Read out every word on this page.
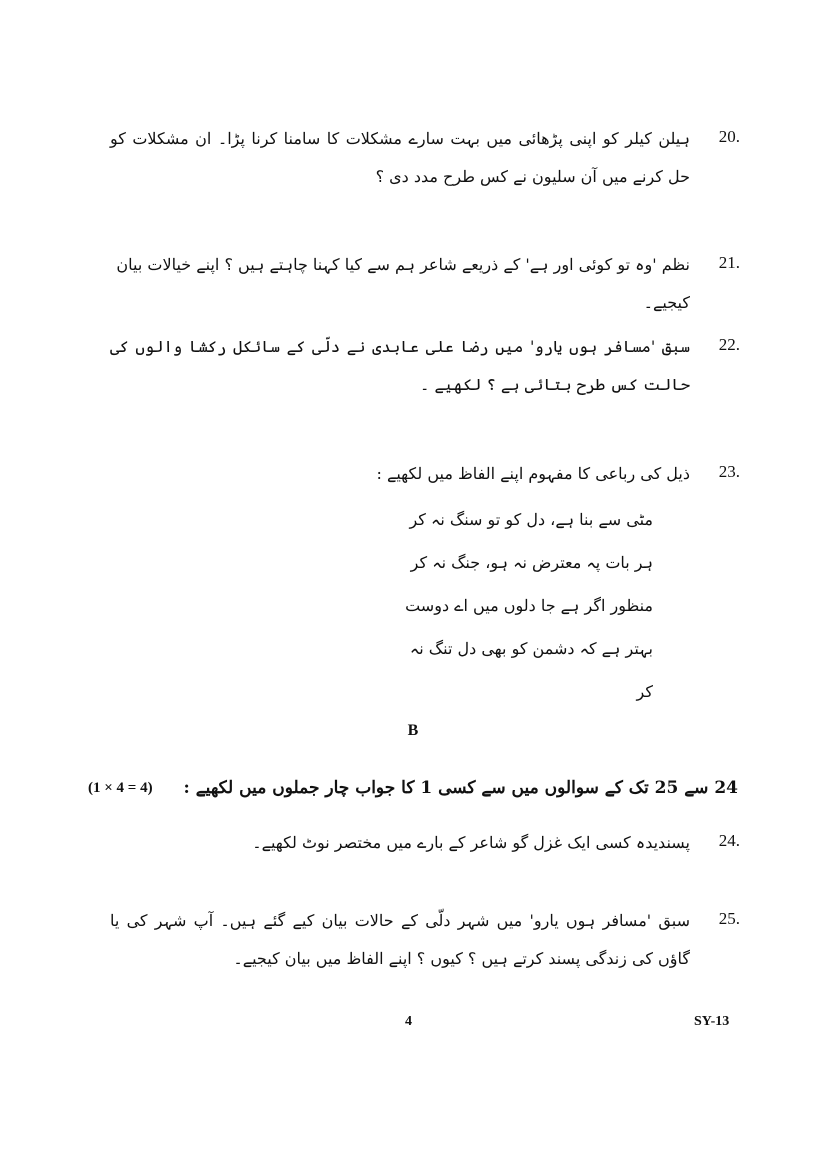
20.
ہیلن کیلر کو اپنی پڑھائی میں بہت سارے مشکلات کا سامنا کرنا پڑا۔ ان مشکلات کو حل کرنے میں آن سلیون نے کس طرح مدد دی ؟
21.
نظم 'وہ تو کوئی اور ہے' کے ذریعے شاعر ہم سے کیا کہنا چاہتے ہیں ؟ اپنے خیالات بیان کیجیے۔
22.
سبق 'مسافر ہوں یارو' میں رضا علی عابدی نے دلّی کے سائکل رکشا والوں کی حالت کس طرح بتائی ہے ؟ لکھیے ۔
23.
ذیل کی رباعی کا مفہوم اپنے الفاظ میں لکھیے :
مٹی سے بنا ہے، دل کو تو سنگ نہ کر
ہر بات پہ معترض نہ ہو، جنگ نہ کر
منظور اگر ہے جا دلوں میں اے دوست
بہتر ہے کہ دشمن کو بھی دل تنگ نہ کر
B
(1 × 4 = 4) 24 سے 25 تک کے سوالوں میں سے کسی 1 کا جواب چار جملوں میں لکھیے :
24.
پسندیدہ کسی ایک غزل گو شاعر کے بارے میں مختصر نوٹ لکھیے۔
25.
سبق 'مسافر ہوں یارو' میں شہر دلّی کے حالات بیان کیے گئے ہیں۔ آپ شہر کی یا گاؤں کی زندگی پسند کرتے ہیں ؟ کیوں ؟ اپنے الفاظ میں بیان کیجیے۔
4	SY-13
